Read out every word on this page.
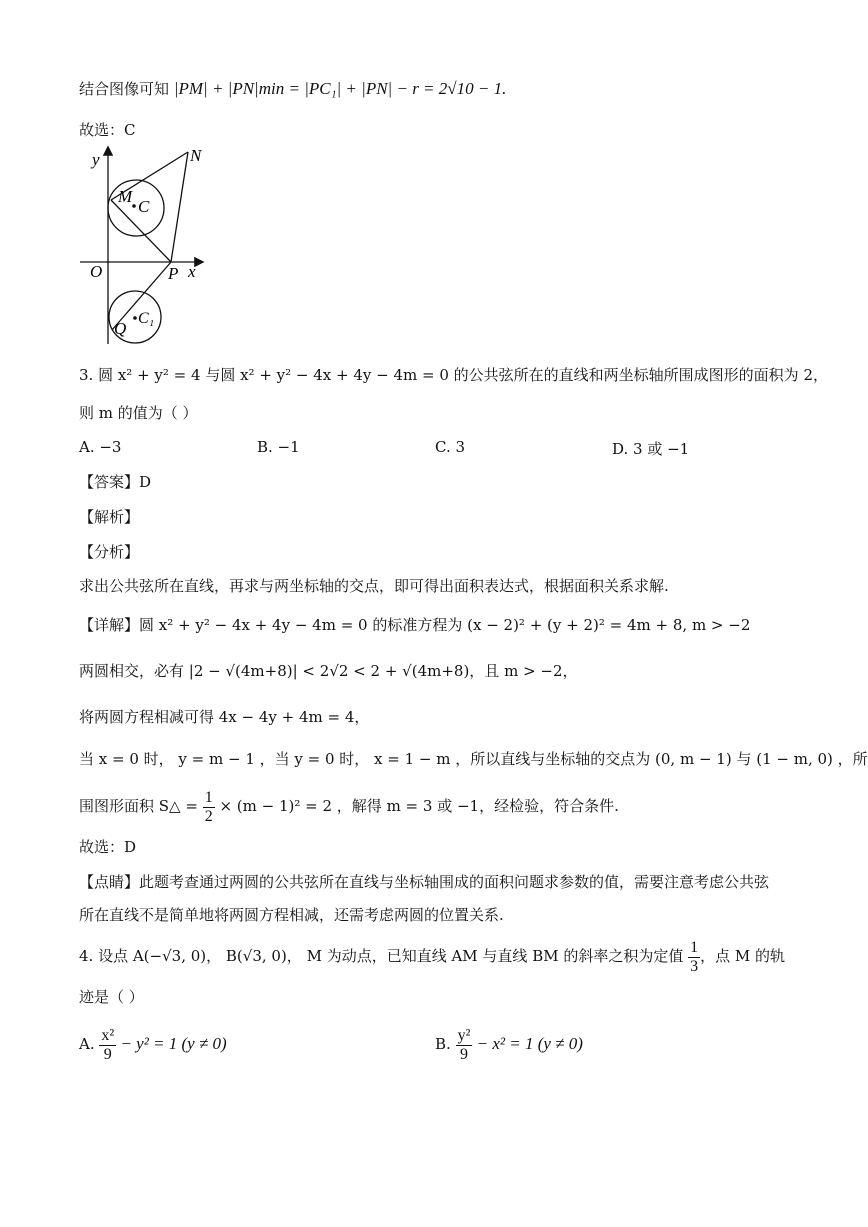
结合图像可知 |PM| + |PN|min = |PC₁| + |PN| − r = 2√10 − 1.
故选：C
y	N
M
C
O	P x
Q
C₁
3. 圆 x² + y² = 4 与圆 x² + y² − 4x + 4y − 4m = 0 的公共弦所在的直线和两坐标轴所围成图形的面积为 2，
则 m 的值为（ ）
A. −3	B. −1	C. 3	D. 3 或 −1
【答案】D
【解析】
【分析】
求出公共弦所在直线，再求与两坐标轴的交点，即可得出面积表达式，根据面积关系求解.
【详解】圆 x² + y² − 4x + 4y − 4m = 0 的标准方程为 (x − 2)² + (y + 2)² = 4m + 8, m > −2
两圆相交，必有 |2 − √(4m+8)| < 2√2 < 2 + √(4m+8)，且 m > −2，
将两圆方程相减可得 4x − 4y + 4m = 4，
当 x = 0 时， y = m − 1 ，当 y = 0 时， x = 1 − m ，所以直线与坐标轴的交点为 (0, m − 1) 与 (1 − m, 0) ，所
围图形面积 S△ = $\frac{1}{2} \times (m - 1)^2 = 2$ ，解得 m = 3 或 −1，经检验，符合条件.
故选：D
【点睛】此题考查通过两圆的公共弦所在直线与坐标轴围成的面积问题求参数的值，需要注意考虑公共弦
所在直线不是简单地将两圆方程相减，还需考虑两圆的位置关系.
4. 设点 A(−√3, 0)， B(√3, 0)， M 为动点，已知直线 AM 与直线 BM 的斜率之积为定值 $\frac{1}{3}$ ，点 M 的轨
迹是（ ）
A. $\frac{\text{x²}}{9} - y^2 = 1$ (y ≠ 0)	B. $\frac{\text{y²}}{9} - x^2 = 1$ (y ≠ 0)
